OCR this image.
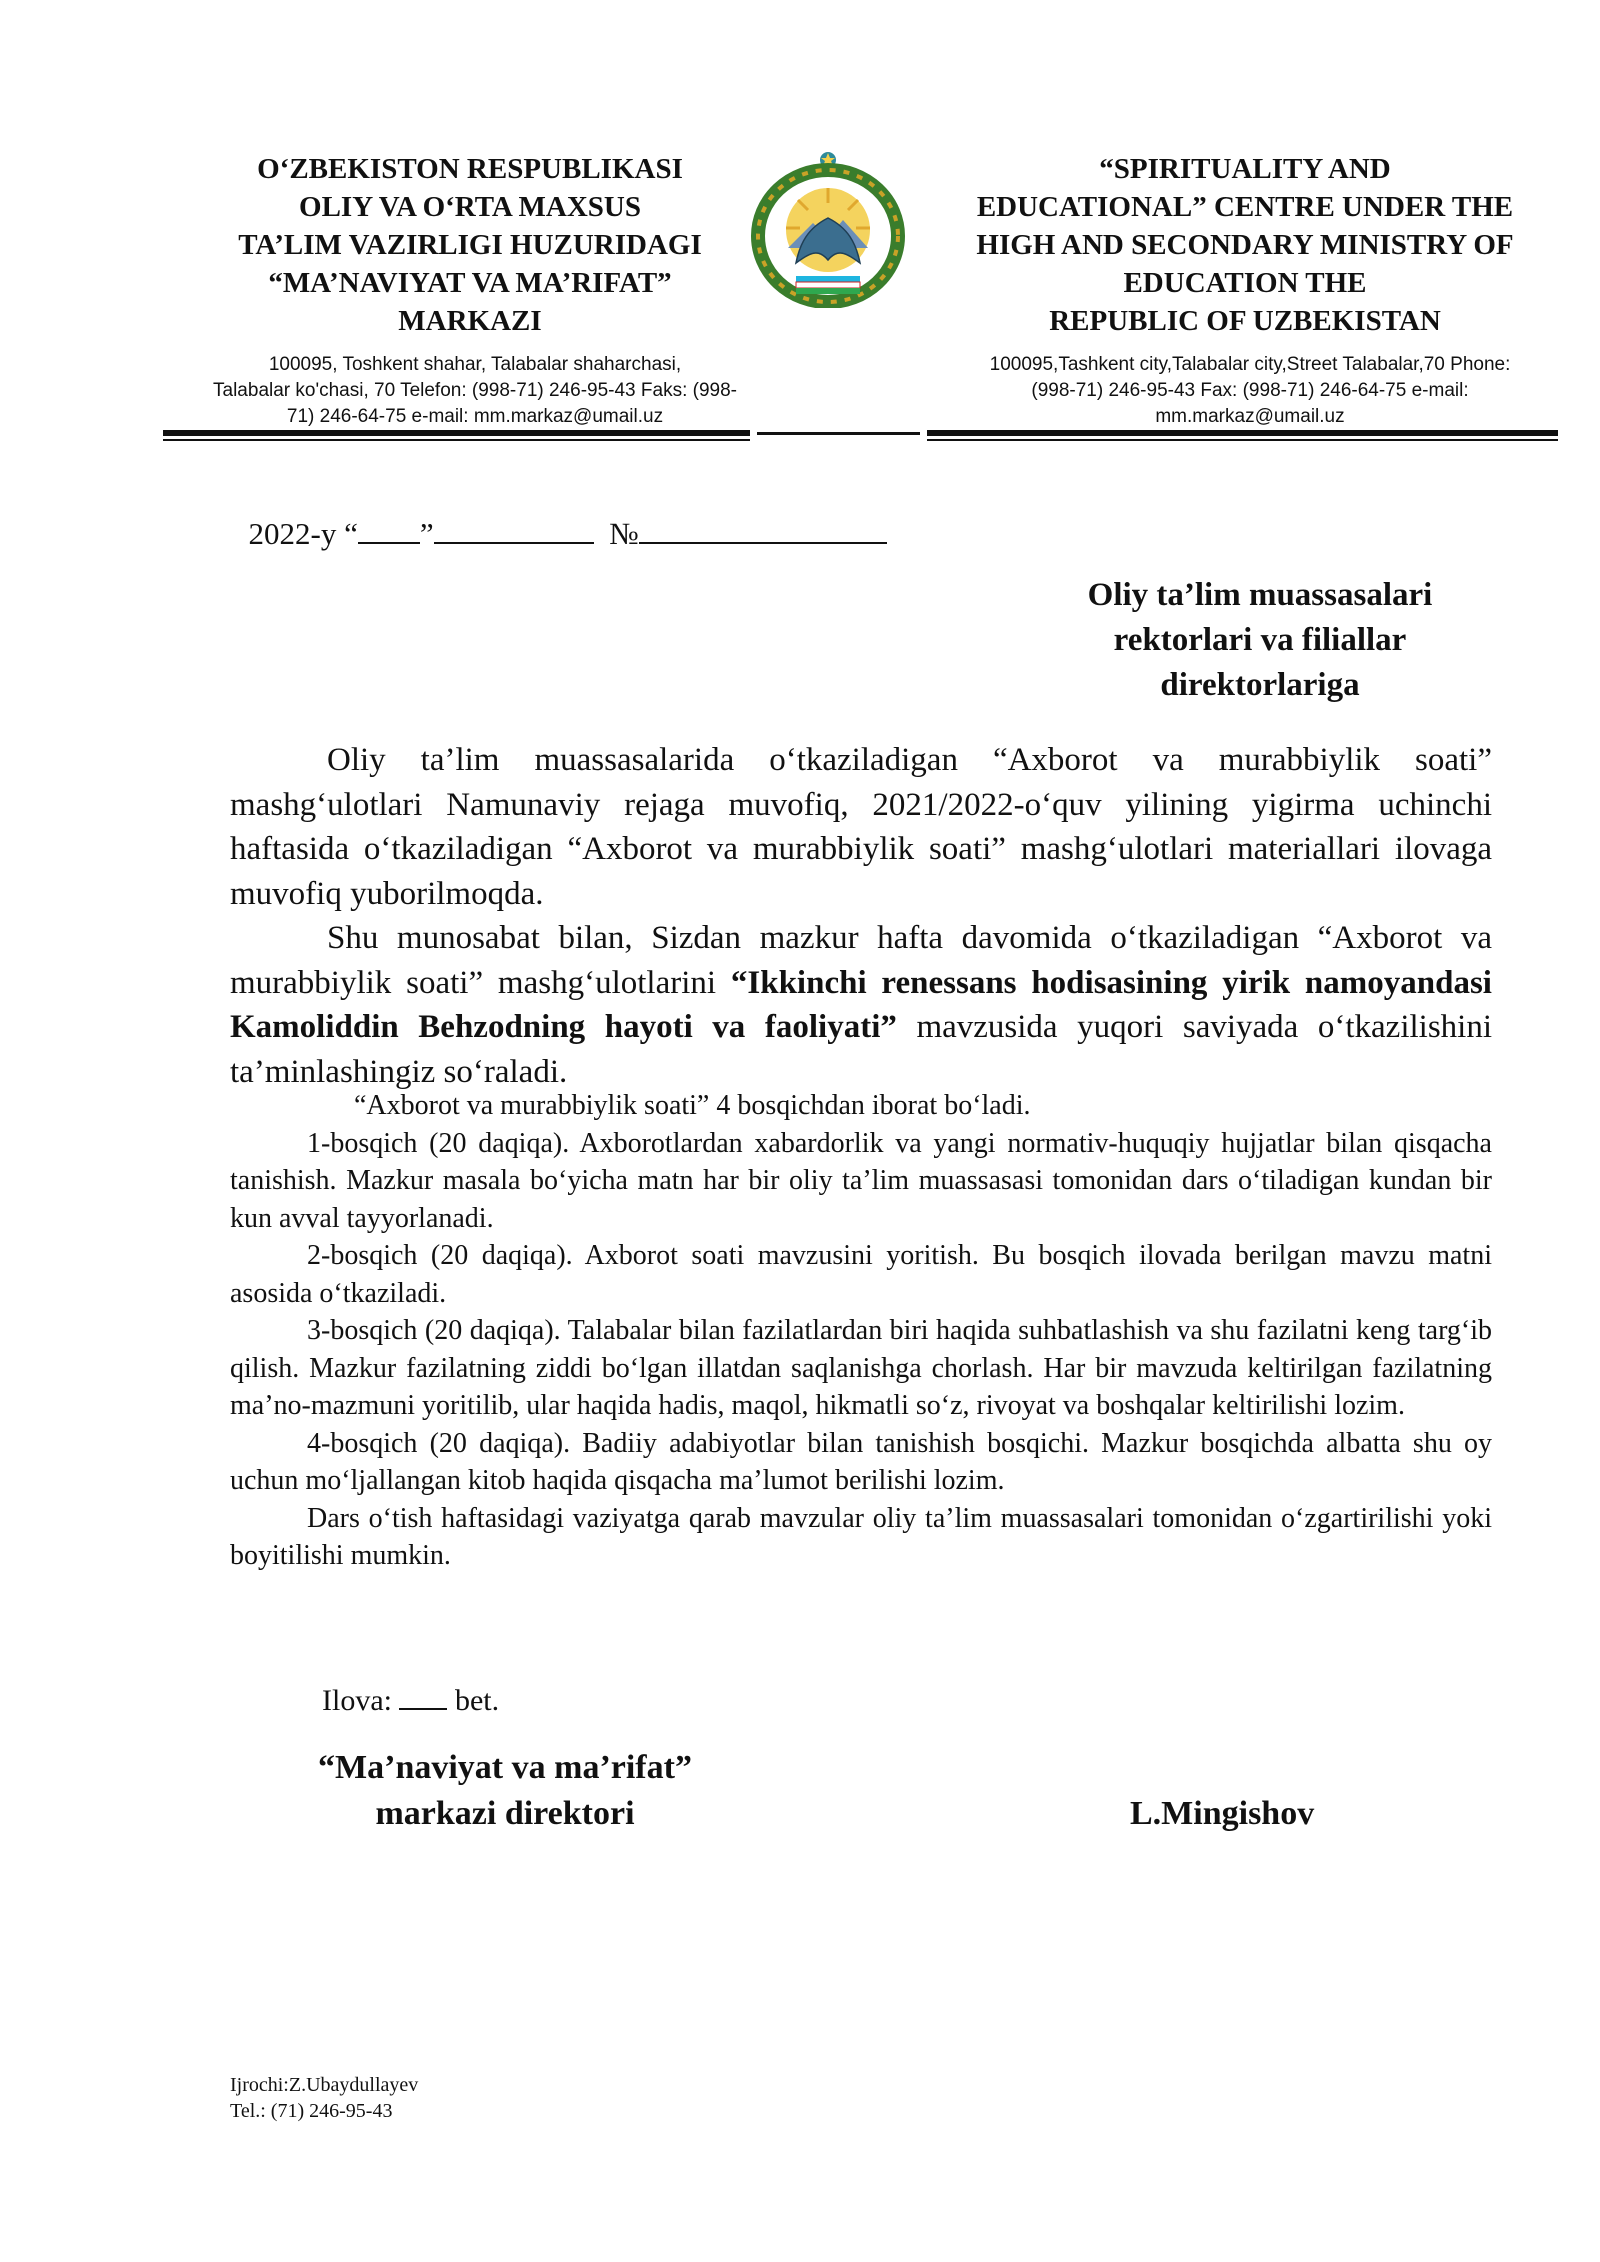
O‘ZBEKISTON RESPUBLIKASI
OLIY VA O‘RTA MAXSUS
TA’LIM VAZIRLIGI HUZURIDAGI
“MA’NAVIYAT VA MA’RIFAT”
MARKAZI
100095, Toshkent shahar, Talabalar shaharchasi,
Talabalar ko'chasi, 70 Telefon: (998-71) 246-95-43 Faks: (998-
71) 246-64-75 e-mail: mm.markaz@umail.uz
“SPIRITUALITY AND
EDUCATIONAL” CENTRE UNDER THE
HIGH AND SECONDARY MINISTRY OF
EDUCATION THE
REPUBLIC OF UZBEKISTAN
100095,Tashkent city,Talabalar city,Street Talabalar,70 Phone:
(998-71) 246-95-43 Fax: (998-71) 246-64-75 e-mail:
mm.markaz@umail.uz

2022-y “ ”	№

Oliy ta’lim muassasalari
rektorlari va filiallar
direktorlariga

Oliy ta’lim muassasalarida o‘tkaziladigan “Axborot va murabbiylik soati” mashg‘ulotlari Namunaviy rejaga muvofiq, 2021/2022-o‘quv yilining yigirma uchinchi haftasida o‘tkaziladigan “Axborot va murabbiylik soati” mashg‘ulotlari materiallari ilovaga muvofiq yuborilmoqda.

Shu munosabat bilan, Sizdan mazkur hafta davomida o‘tkaziladigan “Axborot va murabbiylik soati” mashg‘ulotlarini “Ikkinchi renessans hodisasining yirik namoyandasi Kamoliddin Behzodning hayoti va faoliyati” mavzusida yuqori saviyada o‘tkazilishini ta’minlashingiz so‘raladi.

“Axborot va murabbiylik soati” 4 bosqichdan iborat bo‘ladi.

1-bosqich (20 daqiqa). Axborotlardan xabardorlik va yangi normativ-huquqiy hujjatlar bilan qisqacha tanishish. Mazkur masala bo‘yicha matn har bir oliy ta’lim muassasasi tomonidan dars o‘tiladigan kundan bir kun avval tayyorlanadi.

2-bosqich (20 daqiqa). Axborot soati mavzusini yoritish. Bu bosqich ilovada berilgan mavzu matni asosida o‘tkaziladi.

3-bosqich (20 daqiqa). Talabalar bilan fazilatlardan biri haqida suhbatlashish va shu fazilatni keng targ‘ib qilish. Mazkur fazilatning ziddi bo‘lgan illatdan saqlanishga chorlash. Har bir mavzuda keltirilgan fazilatning ma’no-mazmuni yoritilib, ular haqida hadis, maqol, hikmatli so‘z, rivoyat va boshqalar keltirilishi lozim.

4-bosqich (20 daqiqa). Badiiy adabiyotlar bilan tanishish bosqichi. Mazkur bosqichda albatta shu oy uchun mo‘ljallangan kitob haqida qisqacha ma’lumot berilishi lozim.

Dars o‘tish haftasidagi vaziyatga qarab mavzular oliy ta’lim muassasalari tomonidan o‘zgartirilishi yoki boyitilishi mumkin.

Ilova:  bet.

“Ma’naviyat va ma’rifat”
markazi direktori	L.Mingishov
Ijrochi:Z.Ubaydullayev
Tel.: (71) 246-95-43
